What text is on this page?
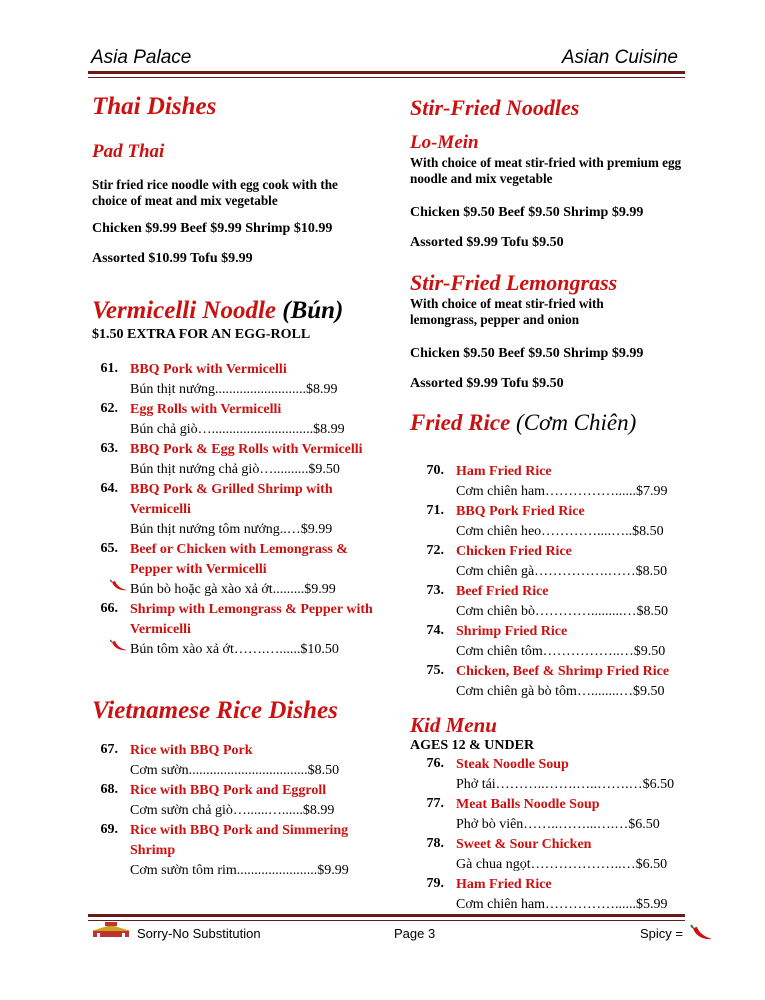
Asia Palace	Asian Cuisine
Thai Dishes
Pad Thai
Stir fried rice noodle with egg cook with the choice of meat and mix vegetable
Chicken $9.99 Beef $9.99 Shrimp $10.99
Assorted $10.99 Tofu $9.99
Vermicelli Noodle (Bún)
$1.50 EXTRA FOR AN EGG-ROLL
61. BBQ Pork with Vermicelli
Bún thịt nướng..........................$8.99
62. Egg Rolls with Vermicelli
Bún chả giò….............................$8.99
63. BBQ Pork & Egg Rolls with Vermicelli
Bún thịt nướng chả giò…..........$9.50
64. BBQ Pork & Grilled Shrimp with Vermicelli
Bún thịt nướng tôm nướng..…$9.99
65. Beef or Chicken with Lemongrass & Pepper with Vermicelli
Bún bò hoặc gà xào xả ớt.........$9.99
66. Shrimp with Lemongrass & Pepper with Vermicelli
Bún tôm xào xả ớt…….…......$10.50
Vietnamese Rice Dishes
67. Rice with BBQ Pork
Cơm sườn..................................$8.50
68. Rice with BBQ Pork and Eggroll
Cơm sườn chả giò…......…......$8.99
69. Rice with BBQ Pork and Simmering Shrimp
Cơm sườn tôm rim.......................$9.99
Stir-Fried Noodles
Lo-Mein
With choice of meat stir-fried with premium egg noodle and mix vegetable
Chicken $9.50 Beef $9.50 Shrimp $9.99
Assorted $9.99 Tofu $9.50
Stir-Fried Lemongrass
With choice of meat stir-fried with lemongrass, pepper and onion
Chicken $9.50 Beef $9.50 Shrimp $9.99
Assorted $9.99 Tofu $9.50
Fried Rice (Cơm Chiên)
70. Ham Fried Rice
Cơm chiên ham……………......$7.99
71. BBQ Pork Fried Rice
Cơm chiên heo…………....…..$8.50
72. Chicken Fried Rice
Cơm chiên gà…………….……$8.50
73. Beef Fried Rice
Cơm chiên bò………….........…$8.50
74. Shrimp Fried Rice
Cơm chiên tôm……………..…$9.50
75. Chicken, Beef & Shrimp Fried Rice
Cơm chiên gà bò tôm…........…$9.50
Kid Menu
AGES 12 & UNDER
76. Steak Noodle Soup
Phở tái………..…….…..…….…$6.50
77. Meat Balls Noodle Soup
Phở bò viên……..……...….…$6.50
78. Sweet & Sour Chicken
Gà chua ngọt………………..…$6.50
79. Ham Fried Rice
Cơm chiên ham……………......$5.99
Sorry-No Substitution	Page 3	Spicy =
